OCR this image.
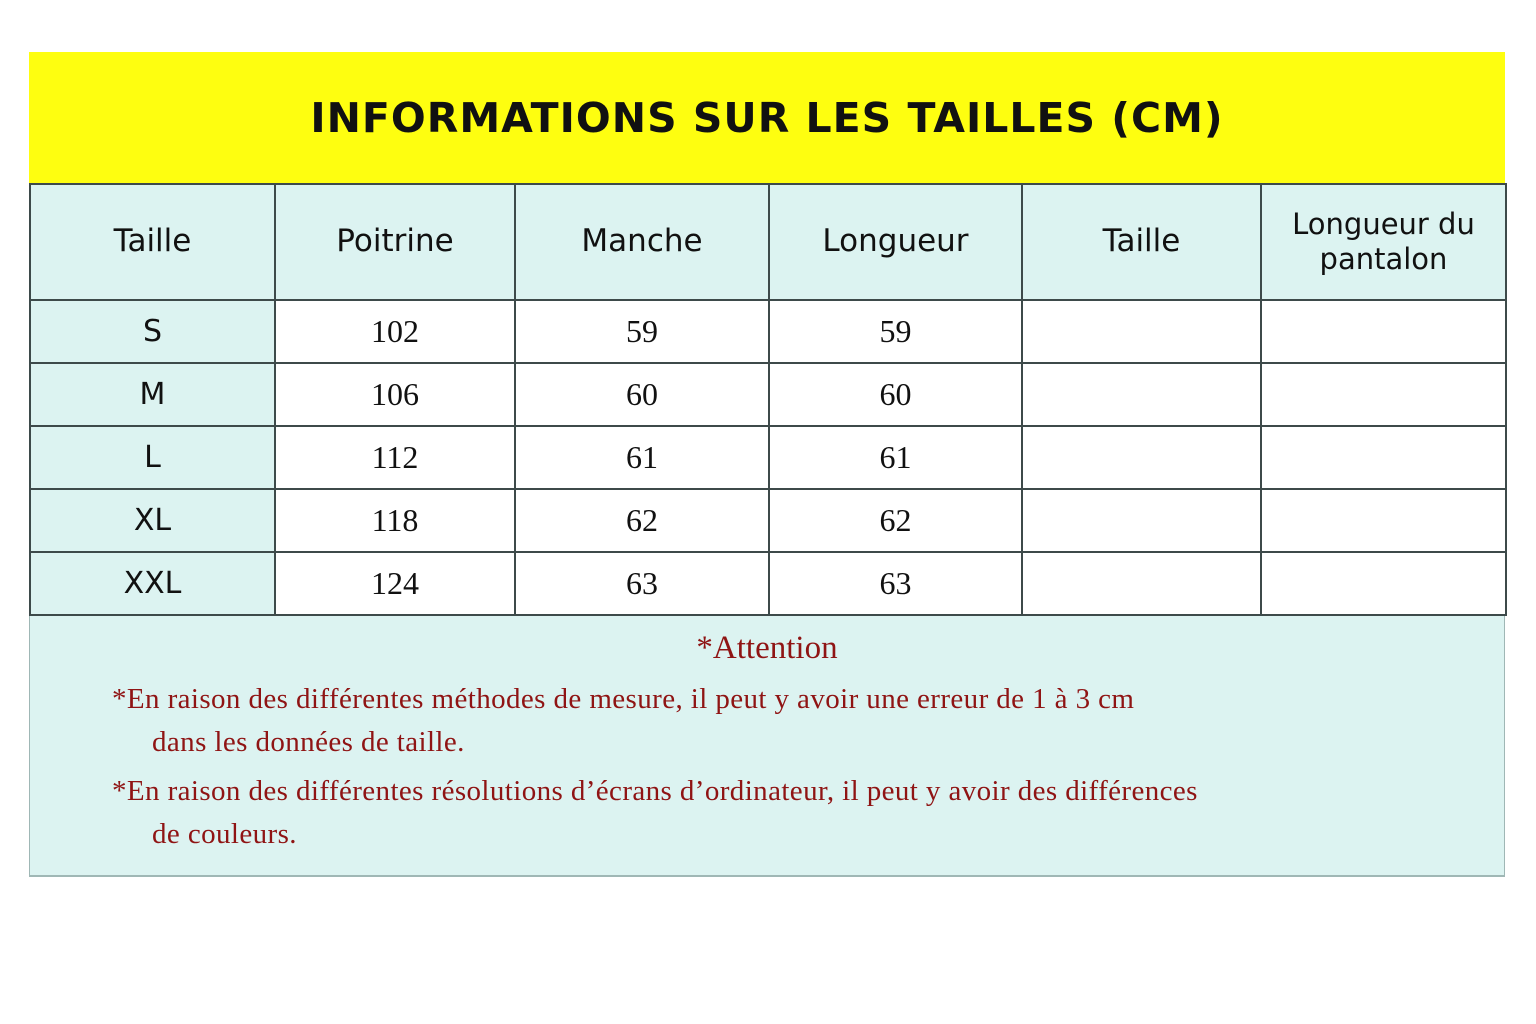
INFORMATIONS SUR LES TAILLES (CM)
Taille	Poitrine	Manche	Longueur	Taille	Longueur du pantalon
S	102	59	59		
M	106	60	60		
L	112	61	61		
XL	118	62	62		
XXL	124	63	63		
*Attention
*En raison des différentes méthodes de mesure, il peut y avoir une erreur de 1 à 3 cm
dans les données de taille.
*En raison des différentes résolutions d’écrans d’ordinateur, il peut y avoir des différences
de couleurs.
